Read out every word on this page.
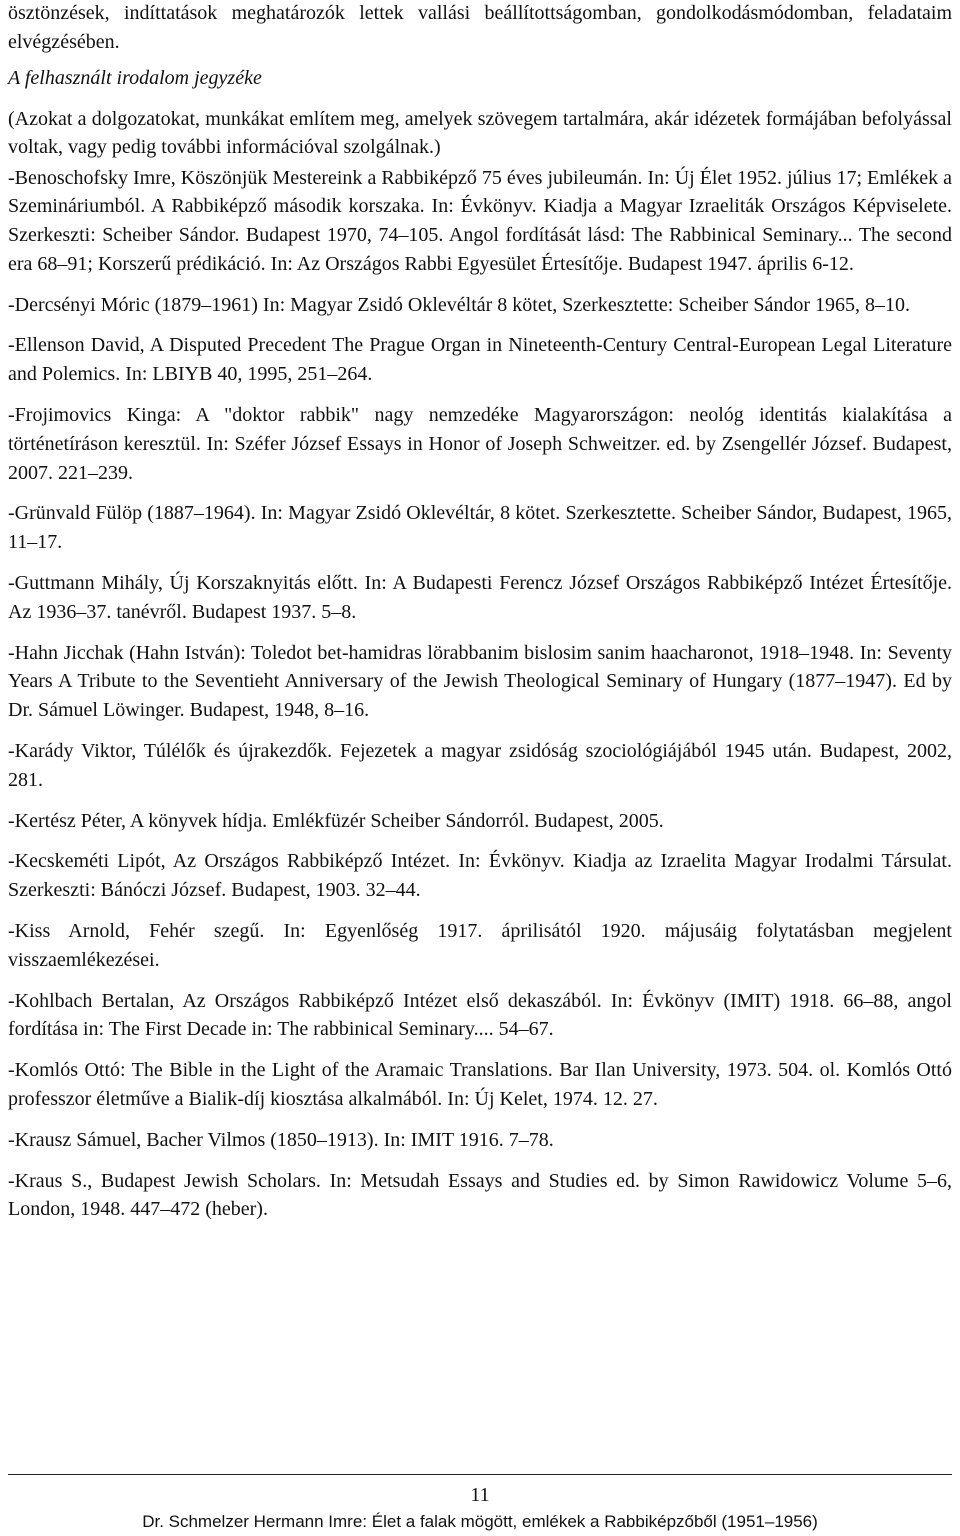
ösztönzések, indíttatások meghatározók lettek vallási beállítottságomban, gondolkodásmódomban, feladataim elvégzésében.

A felhasznált irodalom jegyzéke

(Azokat a dolgozatokat, munkákat említem meg, amelyek szövegem tartalmára, akár idézetek formájában befolyással voltak, vagy pedig további információval szolgálnak.)

-Benoschofsky Imre, Köszönjük Mestereink a Rabbiképző 75 éves jubileumán. In: Új Élet 1952. július 17; Emlékek a Szemináriumból. A Rabbiképző második korszaka. In: Évkönyv. Kiadja a Magyar Izraeliták Országos Képviselete. Szerkeszti: Scheiber Sándor. Budapest 1970, 74–105. Angol fordítását lásd: The Rabbinical Seminary... The second era 68–91; Korszerű prédikáció. In: Az Országos Rabbi Egyesület Értesítője. Budapest 1947. április 6-12.

-Dercsényi Móric (1879–1961) In: Magyar Zsidó Oklevéltár 8 kötet, Szerkesztette: Scheiber Sándor 1965, 8–10.

-Ellenson David, A Disputed Precedent The Prague Organ in Nineteenth-Century Central-European Legal Literature and Polemics. In: LBIYB 40, 1995, 251–264.

-Frojimovics Kinga: A "doktor rabbik" nagy nemzedéke Magyarországon: neológ identitás kialakítása a történetíráson keresztül. In: Széfer József Essays in Honor of Joseph Schweitzer. ed. by Zsengellér József. Budapest, 2007. 221–239.

-Grünvald Fülöp (1887–1964). In: Magyar Zsidó Oklevéltár, 8 kötet. Szerkesztette. Scheiber Sándor, Budapest, 1965, 11–17.

-Guttmann Mihály, Új Korszaknyitás előtt. In: A Budapesti Ferencz József Országos Rabbiképző Intézet Értesítője. Az 1936–37. tanévről. Budapest 1937. 5–8.

-Hahn Jicchak (Hahn István): Toledot bet-hamidras lörabbanim bislosim sanim haacharonot, 1918–1948. In: Seventy Years A Tribute to the Seventieht Anniversary of the Jewish Theological Seminary of Hungary (1877–1947). Ed by Dr. Sámuel Löwinger. Budapest, 1948, 8–16.

-Karády Viktor, Túlélők és újrakezdők. Fejezetek a magyar zsidóság szociológiájából 1945 után. Budapest, 2002, 281.

-Kertész Péter, A könyvek hídja. Emlékfüzér Scheiber Sándorról. Budapest, 2005.

-Kecskeméti Lipót, Az Országos Rabbiképző Intézet. In: Évkönyv. Kiadja az Izraelita Magyar Irodalmi Társulat. Szerkeszti: Bánóczi József. Budapest, 1903. 32–44.

-Kiss Arnold, Fehér szegű. In: Egyenlőség 1917. áprilisától 1920. májusáig folytatásban megjelent visszaemlékezései.

-Kohlbach Bertalan, Az Országos Rabbiképző Intézet első dekaszából. In: Évkönyv (IMIT) 1918. 66–88, angol fordítása in: The First Decade in: The rabbinical Seminary.... 54–67.

-Komlós Ottó: The Bible in the Light of the Aramaic Translations. Bar Ilan University, 1973. 504. ol. Komlós Ottó professzor életműve a Bialik-díj kiosztása alkalmából. In: Új Kelet, 1974. 12. 27.

-Krausz Sámuel, Bacher Vilmos (1850–1913). In: IMIT 1916. 7–78.

-Kraus S., Budapest Jewish Scholars. In: Metsudah Essays and Studies ed. by Simon Rawidowicz Volume 5–6, London, 1948. 447–472 (heber).

11
Dr. Schmelzer Hermann Imre: Élet a falak mögött, emlékek a Rabbiképzőből (1951–1956)
